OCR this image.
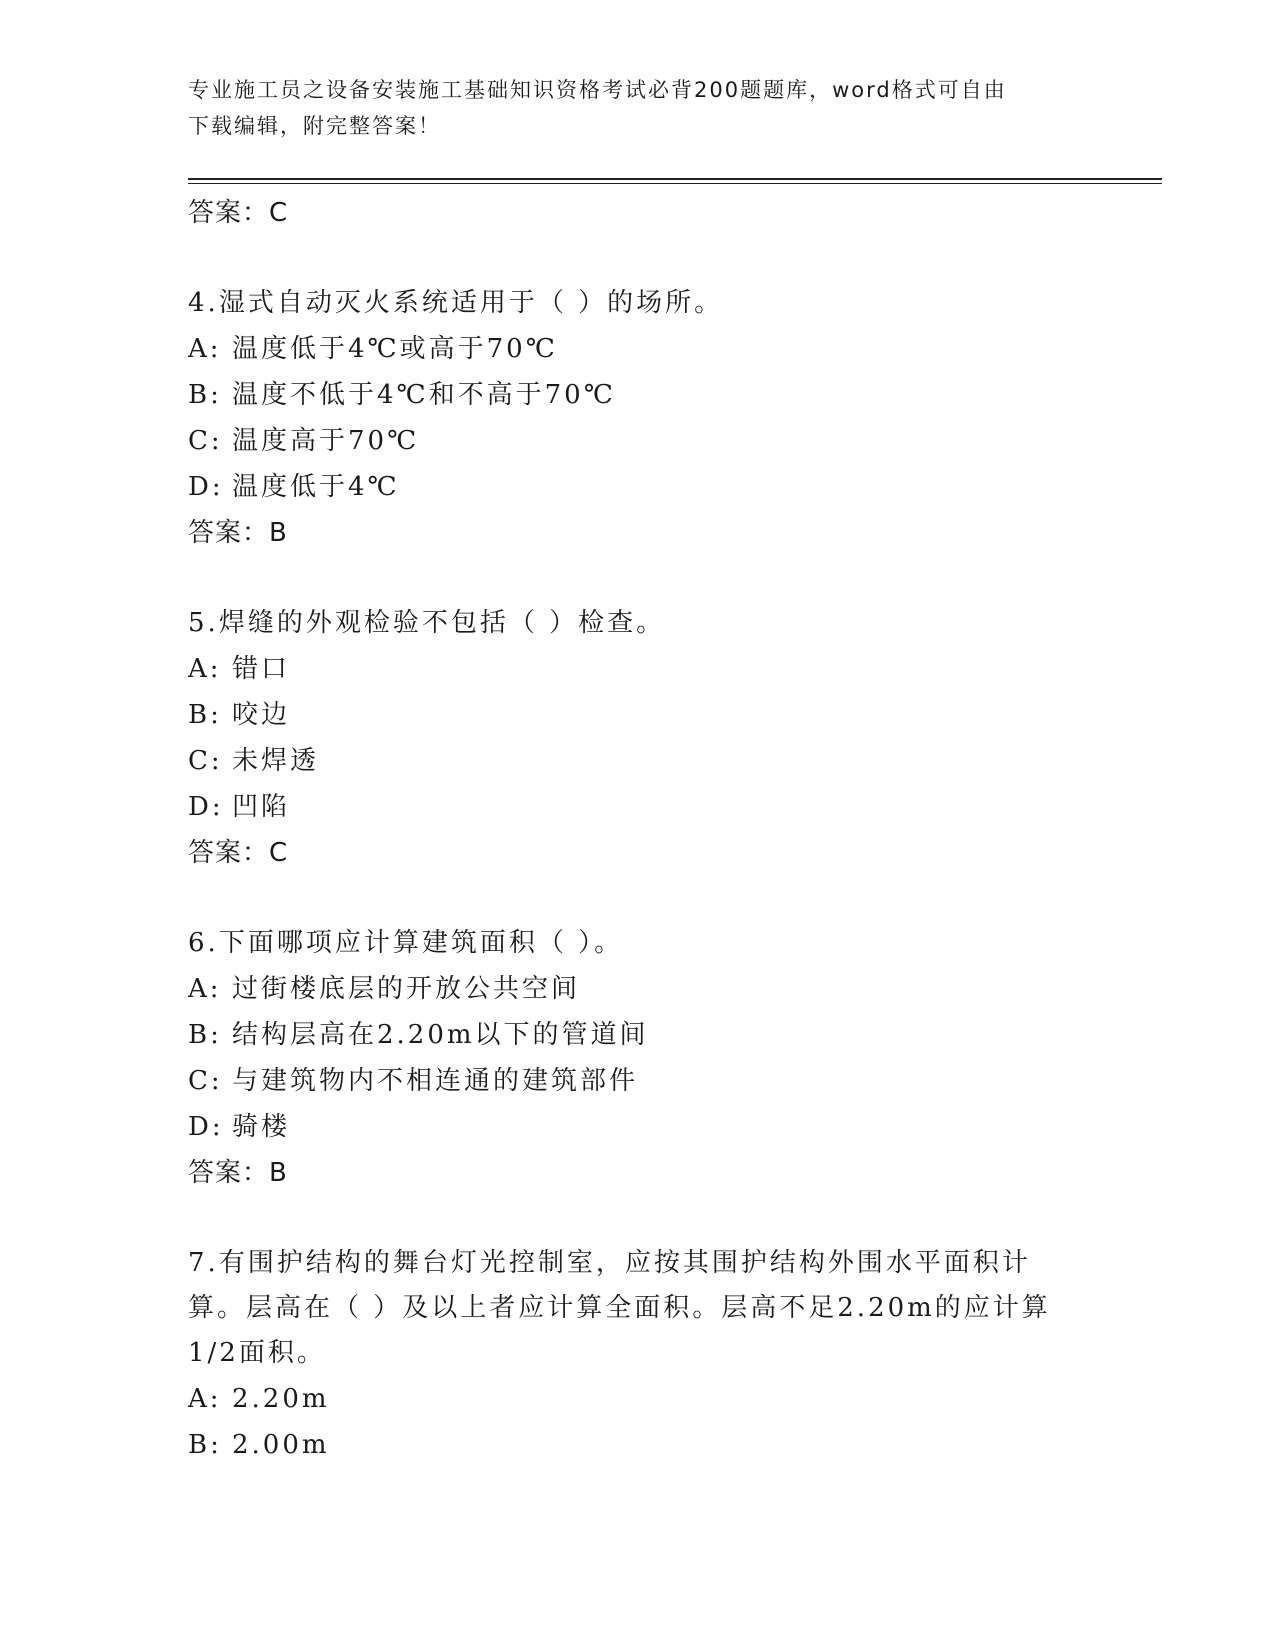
专业施工员之设备安装施工基础知识资格考试必背200题题库，word格式可自由
下载编辑，附完整答案！
答案：C
4.湿式自动灭火系统适用于（ ）的场所。
A: 温度低于4℃或高于70℃
B: 温度不低于4℃和不高于70℃
C: 温度高于70℃
D: 温度低于4℃
答案：B
5.焊缝的外观检验不包括（ ）检查。
A: 错口
B: 咬边
C: 未焊透
D: 凹陷
答案：C
6.下面哪项应计算建筑面积（ ）。
A: 过街楼底层的开放公共空间
B: 结构层高在2.20m以下的管道间
C: 与建筑物内不相连通的建筑部件
D: 骑楼
答案：B
7.有围护结构的舞台灯光控制室，应按其围护结构外围水平面积计算。层高在（ ）及以上者应计算全面积。层高不足2.20m的应计算1/2面积。
A: 2.20m
B: 2.00m
